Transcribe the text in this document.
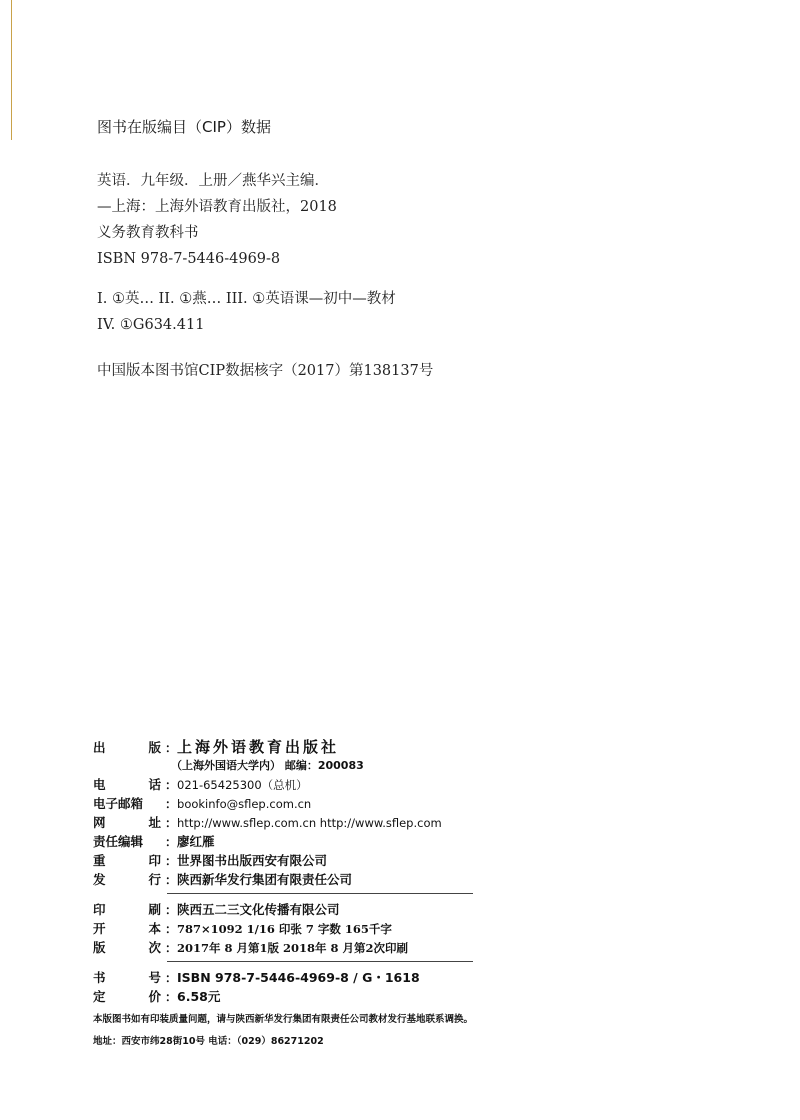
图书在版编目（CIP）数据
英语．九年级．上册／燕华兴主编．
—上海：上海外语教育出版社，2018
义务教育教科书
ISBN 978-7-5446-4969-8
I. ①英… II. ①燕… III. ①英语课—初中—教材
IV. ①G634.411
中国版本图书馆CIP数据核字（2017）第138137号
出	版 ： 上海外语教育出版社
（上海外国语大学内） 邮编：200083
电	话 ： 021-65425300（总机）
电子邮箱	： bookinfo@sflep.com.cn
网	址 ： http://www.sflep.com.cn http://www.sflep.com
责任编辑	： 廖红雁
重	印 ： 世界图书出版西安有限公司
发	行 ： 陕西新华发行集团有限责任公司
印	刷 ： 陕西五二三文化传播有限公司
开	本 ： 787×1092 1/16 印张 7 字数 165千字
版	次 ： 2017年 8 月第1版 2018年 8 月第2次印刷
书	号 ： ISBN 978-7-5446-4969-8 / G・1618
定	价 ： 6.58元
本版图书如有印装质量问题，请与陕西新华发行集团有限责任公司教材发行基地联系调换。
地址：西安市纬28街10号 电话：（029）86271202
